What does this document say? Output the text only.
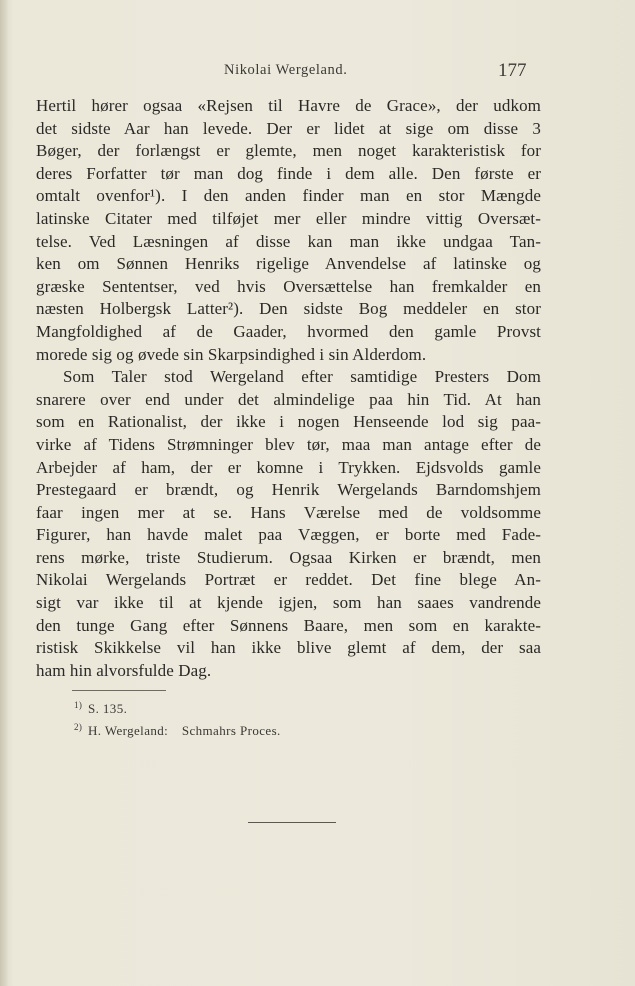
Nikolai Wergeland.	177
Hertil hører ogsaa «Rejsen til Havre de Grace», der udkom
det sidste Aar han levede. Der er lidet at sige om disse 3
Bøger, der forlængst er glemte, men noget karakteristisk for
deres Forfatter tør man dog finde i dem alle. Den første er
omtalt ovenfor¹). I den anden finder man en stor Mængde
latinske Citater med tilføjet mer eller mindre vittig Oversæt-
telse. Ved Læsningen af disse kan man ikke undgaa Tan-
ken om Sønnen Henriks rigelige Anvendelse af latinske og
græske Sententser, ved hvis Oversættelse han fremkalder en
næsten Holbergsk Latter²). Den sidste Bog meddeler en stor
Mangfoldighed af de Gaader, hvormed den gamle Provst
morede sig og øvede sin Skarpsindighed i sin Alderdom.
Som Taler stod Wergeland efter samtidige Presters Dom
snarere over end under det almindelige paa hin Tid. At han
som en Rationalist, der ikke i nogen Henseende lod sig paa-
virke af Tidens Strømninger blev tør, maa man antage efter de
Arbejder af ham, der er komne i Trykken. Ejdsvolds gamle
Prestegaard er brændt, og Henrik Wergelands Barndomshjem
faar ingen mer at se. Hans Værelse med de voldsomme
Figurer, han havde malet paa Væggen, er borte med Fade-
rens mørke, triste Studierum. Ogsaa Kirken er brændt, men
Nikolai Wergelands Portræt er reddet. Det fine blege An-
sigt var ikke til at kjende igjen, som han saaes vandrende
den tunge Gang efter Sønnens Baare, men som en karakte-
ristisk Skikkelse vil han ikke blive glemt af dem, der saa
ham hin alvorsfulde Dag.
$^{1)}$ S. 135.
$^{2)}$ H. Wergeland: Schmahrs Proces.
